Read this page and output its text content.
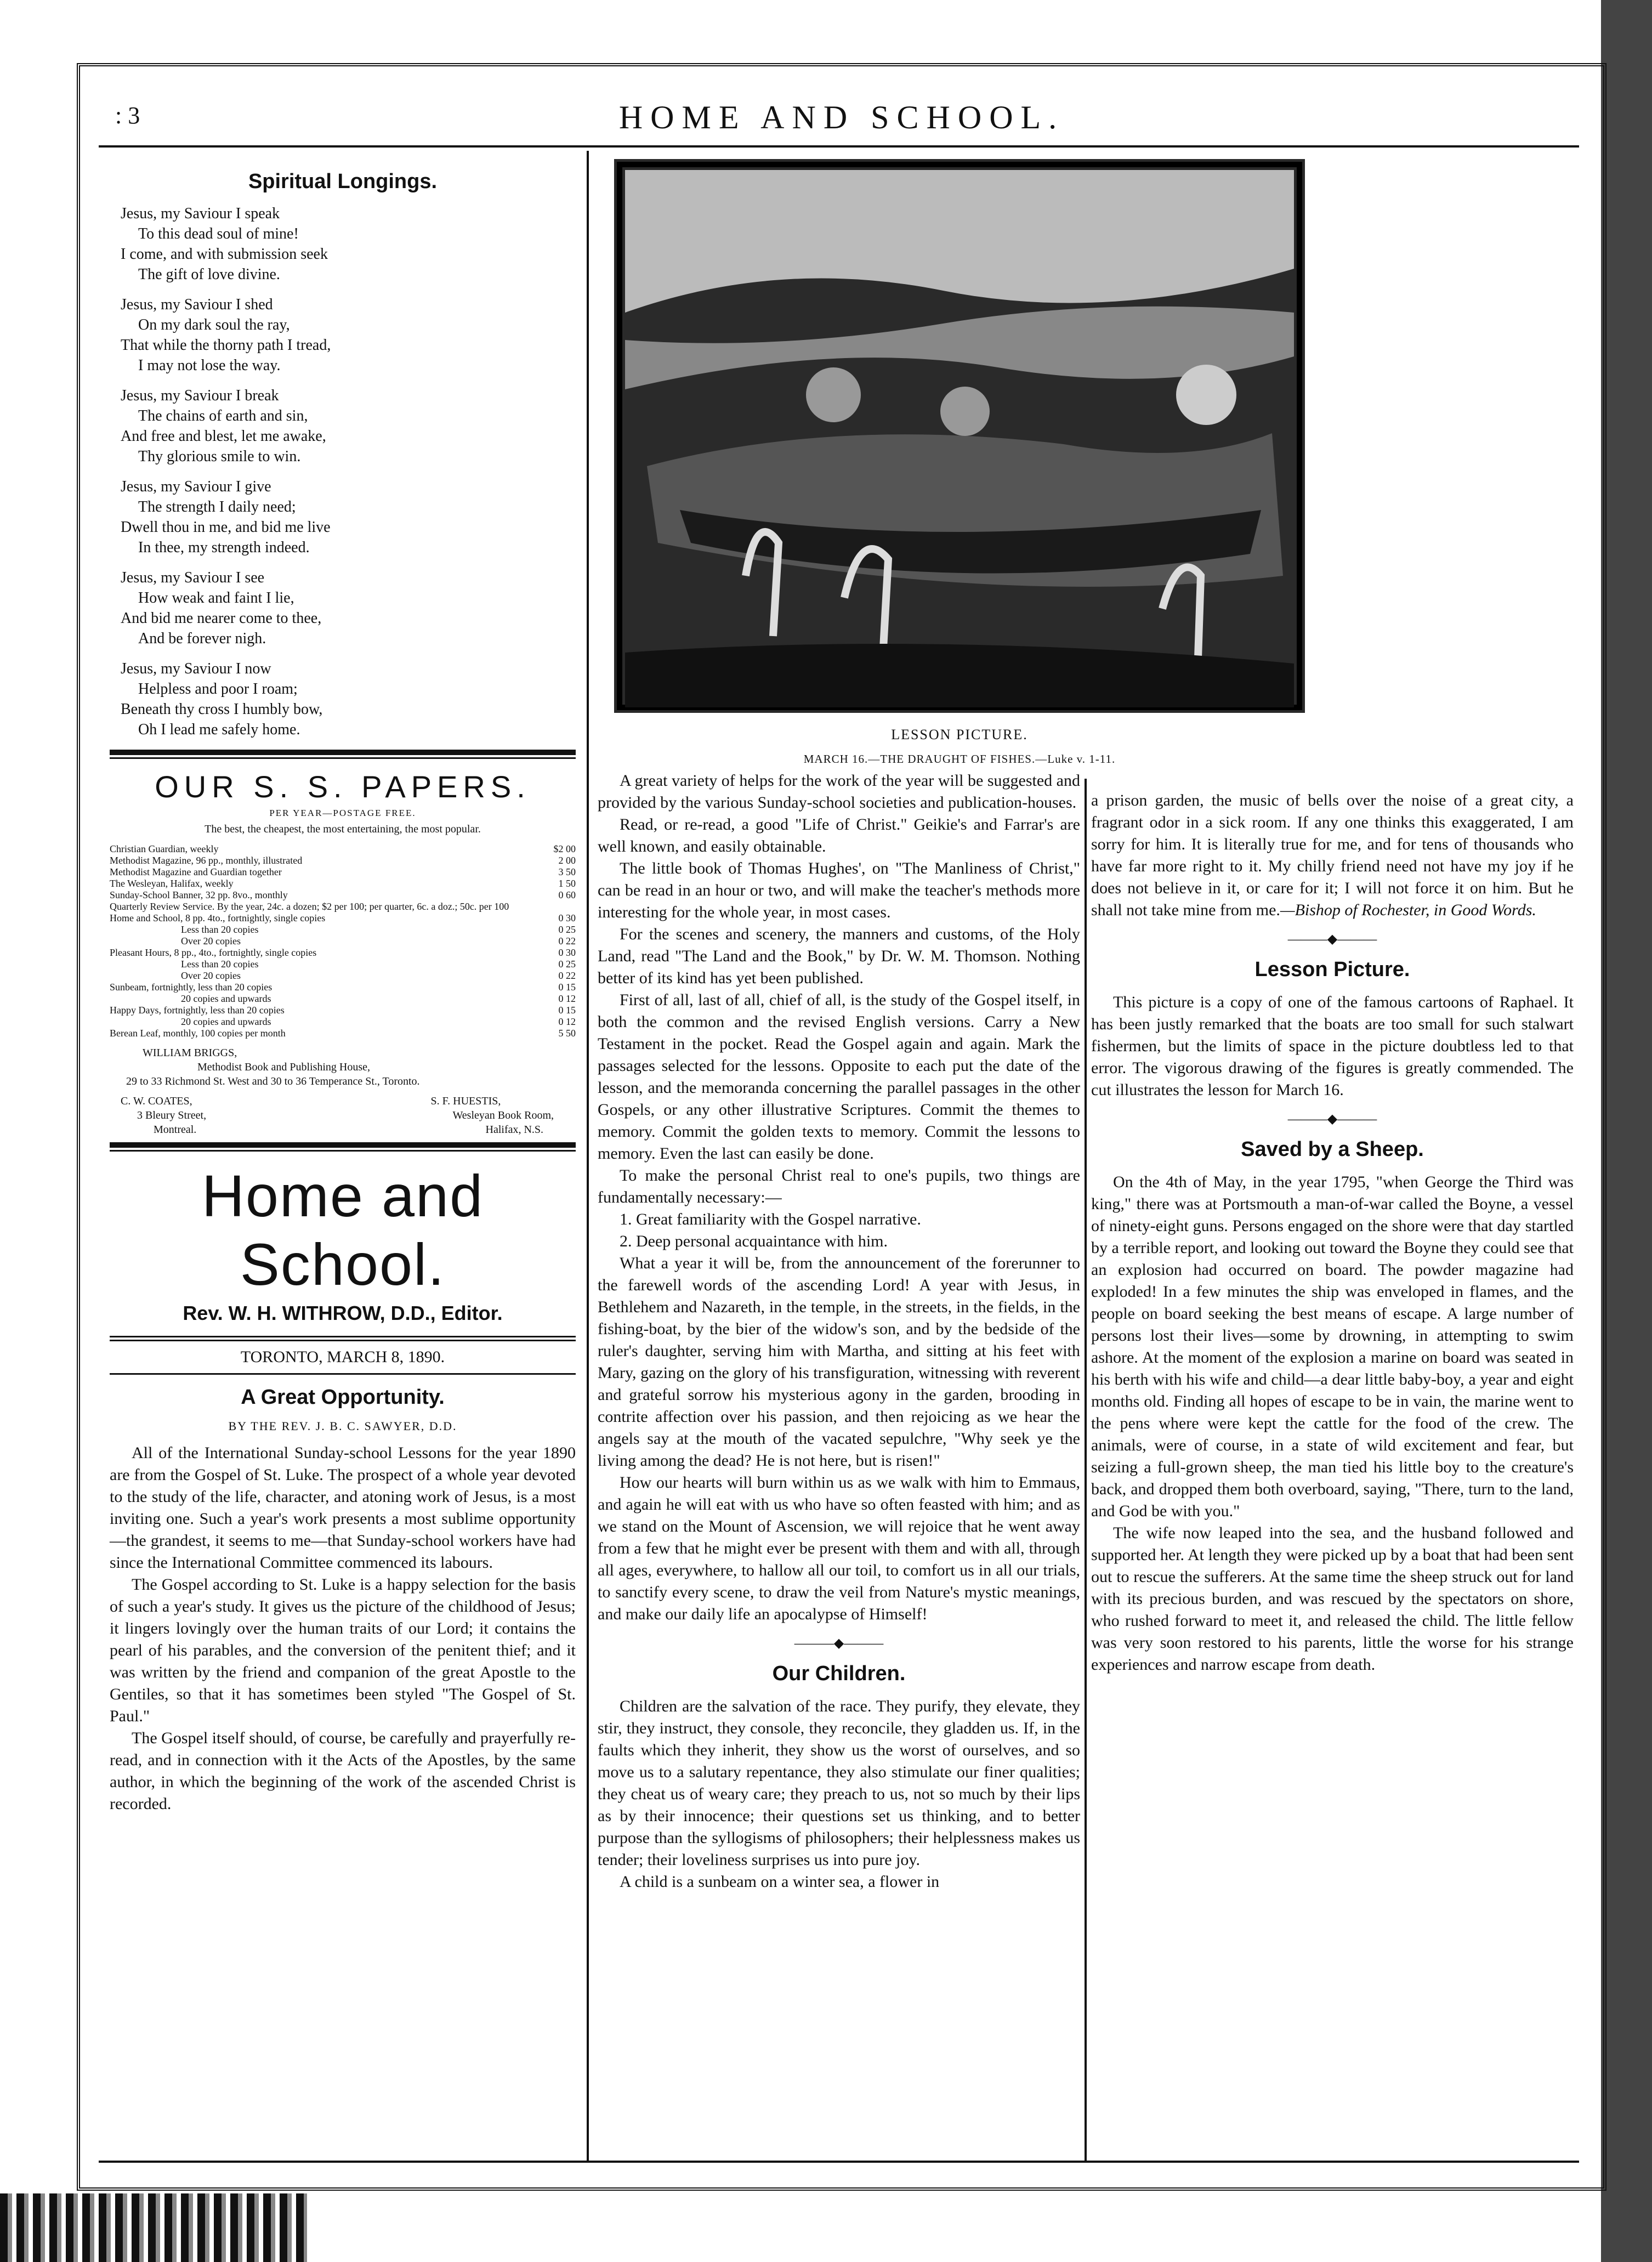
: 3	HOME AND SCHOOL.
Spiritual Longings.
Jesus, my Saviour I speak
To this dead soul of mine!
I come, and with submission seek
The gift of love divine.
Jesus, my Saviour I shed
On my dark soul the ray,
That while the thorny path I tread,
I may not lose the way.
Jesus, my Saviour I break
The chains of earth and sin,
And free and blest, let me awake,
Thy glorious smile to win.
Jesus, my Saviour I give
The strength I daily need;
Dwell thou in me, and bid me live
In thee, my strength indeed.
Jesus, my Saviour I see
How weak and faint I lie,
And bid me nearer come to thee,
And be forever nigh.
Jesus, my Saviour I now
Helpless and poor I roam;
Beneath thy cross I humbly bow,
Oh I lead me safely home.
OUR S. S. PAPERS.
PER YEAR—POSTAGE FREE.
The best, the cheapest, the most entertaining, the most popular.
Christian Guardian, weekly	$2 00
Methodist Magazine, 96 pp., monthly, illustrated	2 00
Methodist Magazine and Guardian together	3 50
The Wesleyan, Halifax, weekly	1 50
Sunday-School Banner, 32 pp. 8vo., monthly	0 60
Quarterly Review Service. By the year, 24c. a dozen; $2 per 100; per quarter, 6c. a doz.; 50c. per 100	
Home and School, 8 pp. 4to., fortnightly, single copies	0 30
Less than 20 copies	0 25
Over 20 copies	0 22
Pleasant Hours, 8 pp., 4to., fortnightly, single copies	0 30
Less than 20 copies	0 25
Over 20 copies	0 22
Sunbeam, fortnightly, less than 20 copies	0 15
20 copies and upwards	0 12
Happy Days, fortnightly, less than 20 copies	0 15
20 copies and upwards	0 12
Berean Leaf, monthly, 100 copies per month	5 50
WILLIAM BRIGGS,
Methodist Book and Publishing House,
29 to 33 Richmond St. West and 30 to 36 Temperance St., Toronto.
C. W. COATES,
3 Bleury Street,
Montreal.
S. F. HUESTIS,
Wesleyan Book Room,
Halifax, N.S.
Home and School.
Rev. W. H. WITHROW, D.D., Editor.
TORONTO, MARCH 8, 1890.
A Great Opportunity.
BY THE REV. J. B. C. SAWYER, D.D.

All of the International Sunday-school Lessons for the year 1890 are from the Gospel of St. Luke. The prospect of a whole year devoted to the study of the life, character, and atoning work of Jesus, is a most inviting one. Such a year's work presents a most sublime opportunity—the grandest, it seems to me—that Sunday-school workers have had since the International Committee commenced its labours.

The Gospel according to St. Luke is a happy selection for the basis of such a year's study. It gives us the picture of the childhood of Jesus; it lingers lovingly over the human traits of our Lord; it contains the pearl of his parables, and the conversion of the penitent thief; and it was written by the friend and companion of the great Apostle to the Gentiles, so that it has sometimes been styled "The Gospel of St. Paul."

The Gospel itself should, of course, be carefully and prayerfully re-read, and in connection with it the Acts of the Apostles, by the same author, in which the beginning of the work of the ascended Christ is recorded.

LESSON PICTURE.
MARCH 16.—THE DRAUGHT OF FISHES.—Luke v. 1-11.

A great variety of helps for the work of the year will be suggested and provided by the various Sunday-school societies and publication-houses.

Read, or re-read, a good "Life of Christ." Geikie's and Farrar's are well known, and easily obtainable.

The little book of Thomas Hughes', on "The Manliness of Christ," can be read in an hour or two, and will make the teacher's methods more interesting for the whole year, in most cases.

For the scenes and scenery, the manners and customs, of the Holy Land, read "The Land and the Book," by Dr. W. M. Thomson. Nothing better of its kind has yet been published.

First of all, last of all, chief of all, is the study of the Gospel itself, in both the common and the revised English versions. Carry a New Testament in the pocket. Read the Gospel again and again. Mark the passages selected for the lessons. Opposite to each put the date of the lesson, and the memoranda concerning the parallel passages in the other Gospels, or any other illustrative Scriptures. Commit the themes to memory. Commit the golden texts to memory. Commit the lessons to memory. Even the last can easily be done.

To make the personal Christ real to one's pupils, two things are fundamentally necessary:—

1. Great familiarity with the Gospel narrative.
2. Deep personal acquaintance with him.

What a year it will be, from the announcement of the forerunner to the farewell words of the ascending Lord! A year with Jesus, in Bethlehem and Nazareth, in the temple, in the streets, in the fields, in the fishing-boat, by the bier of the widow's son, and by the bedside of the ruler's daughter, serving him with Martha, and sitting at his feet with Mary, gazing on the glory of his transfiguration, witnessing with reverent and grateful sorrow his mysterious agony in the garden, brooding in contrite affection over his passion, and then rejoicing as we hear the angels say at the mouth of the vacated sepulchre, "Why seek ye the living among the dead? He is not here, but is risen!"

How our hearts will burn within us as we walk with him to Emmaus, and again he will eat with us who have so often feasted with him; and as we stand on the Mount of Ascension, we will rejoice that he went away from a few that he might ever be present with them and with all, through all ages, everywhere, to hallow all our toil, to comfort us in all our trials, to sanctify every scene, to draw the veil from Nature's mystic meanings, and make our daily life an apocalypse of Himself!

———◆———
Our Children.

Children are the salvation of the race. They purify, they elevate, they stir, they instruct, they console, they reconcile, they gladden us. If, in the faults which they inherit, they show us the worst of ourselves, and so move us to a salutary repentance, they also stimulate our finer qualities; they cheat us of weary care; they preach to us, not so much by their lips as by their innocence; their questions set us thinking, and to better purpose than the syllogisms of philosophers; their helplessness makes us tender; their loveliness surprises us into pure joy.

A child is a sunbeam on a winter sea, a flower in

a prison garden, the music of bells over the noise of a great city, a fragrant odor in a sick room. If any one thinks this exaggerated, I am sorry for him. It is literally true for me, and for tens of thousands who have far more right to it. My chilly friend need not have my joy if he does not believe in it, or care for it; I will not force it on him. But he shall not take mine from me.—Bishop of Rochester, in Good Words.

———◆———
Lesson Picture.

This picture is a copy of one of the famous cartoons of Raphael. It has been justly remarked that the boats are too small for such stalwart fishermen, but the limits of space in the picture doubtless led to that error. The vigorous drawing of the figures is greatly commended. The cut illustrates the lesson for March 16.

———◆———
Saved by a Sheep.

On the 4th of May, in the year 1795, "when George the Third was king," there was at Portsmouth a man-of-war called the Boyne, a vessel of ninety-eight guns. Persons engaged on the shore were that day startled by a terrible report, and looking out toward the Boyne they could see that an explosion had occurred on board. The powder magazine had exploded! In a few minutes the ship was enveloped in flames, and the people on board seeking the best means of escape. A large number of persons lost their lives—some by drowning, in attempting to swim ashore. At the moment of the explosion a marine on board was seated in his berth with his wife and child—a dear little baby-boy, a year and eight months old. Finding all hopes of escape to be in vain, the marine went to the pens where were kept the cattle for the food of the crew. The animals, were of course, in a state of wild excitement and fear, but seizing a full-grown sheep, the man tied his little boy to the creature's back, and dropped them both overboard, saying, "There, turn to the land, and God be with you."

The wife now leaped into the sea, and the husband followed and supported her. At length they were picked up by a boat that had been sent out to rescue the sufferers. At the same time the sheep struck out for land with its precious burden, and was rescued by the spectators on shore, who rushed forward to meet it, and released the child. The little fellow was very soon restored to his parents, little the worse for his strange experiences and narrow escape from death.
